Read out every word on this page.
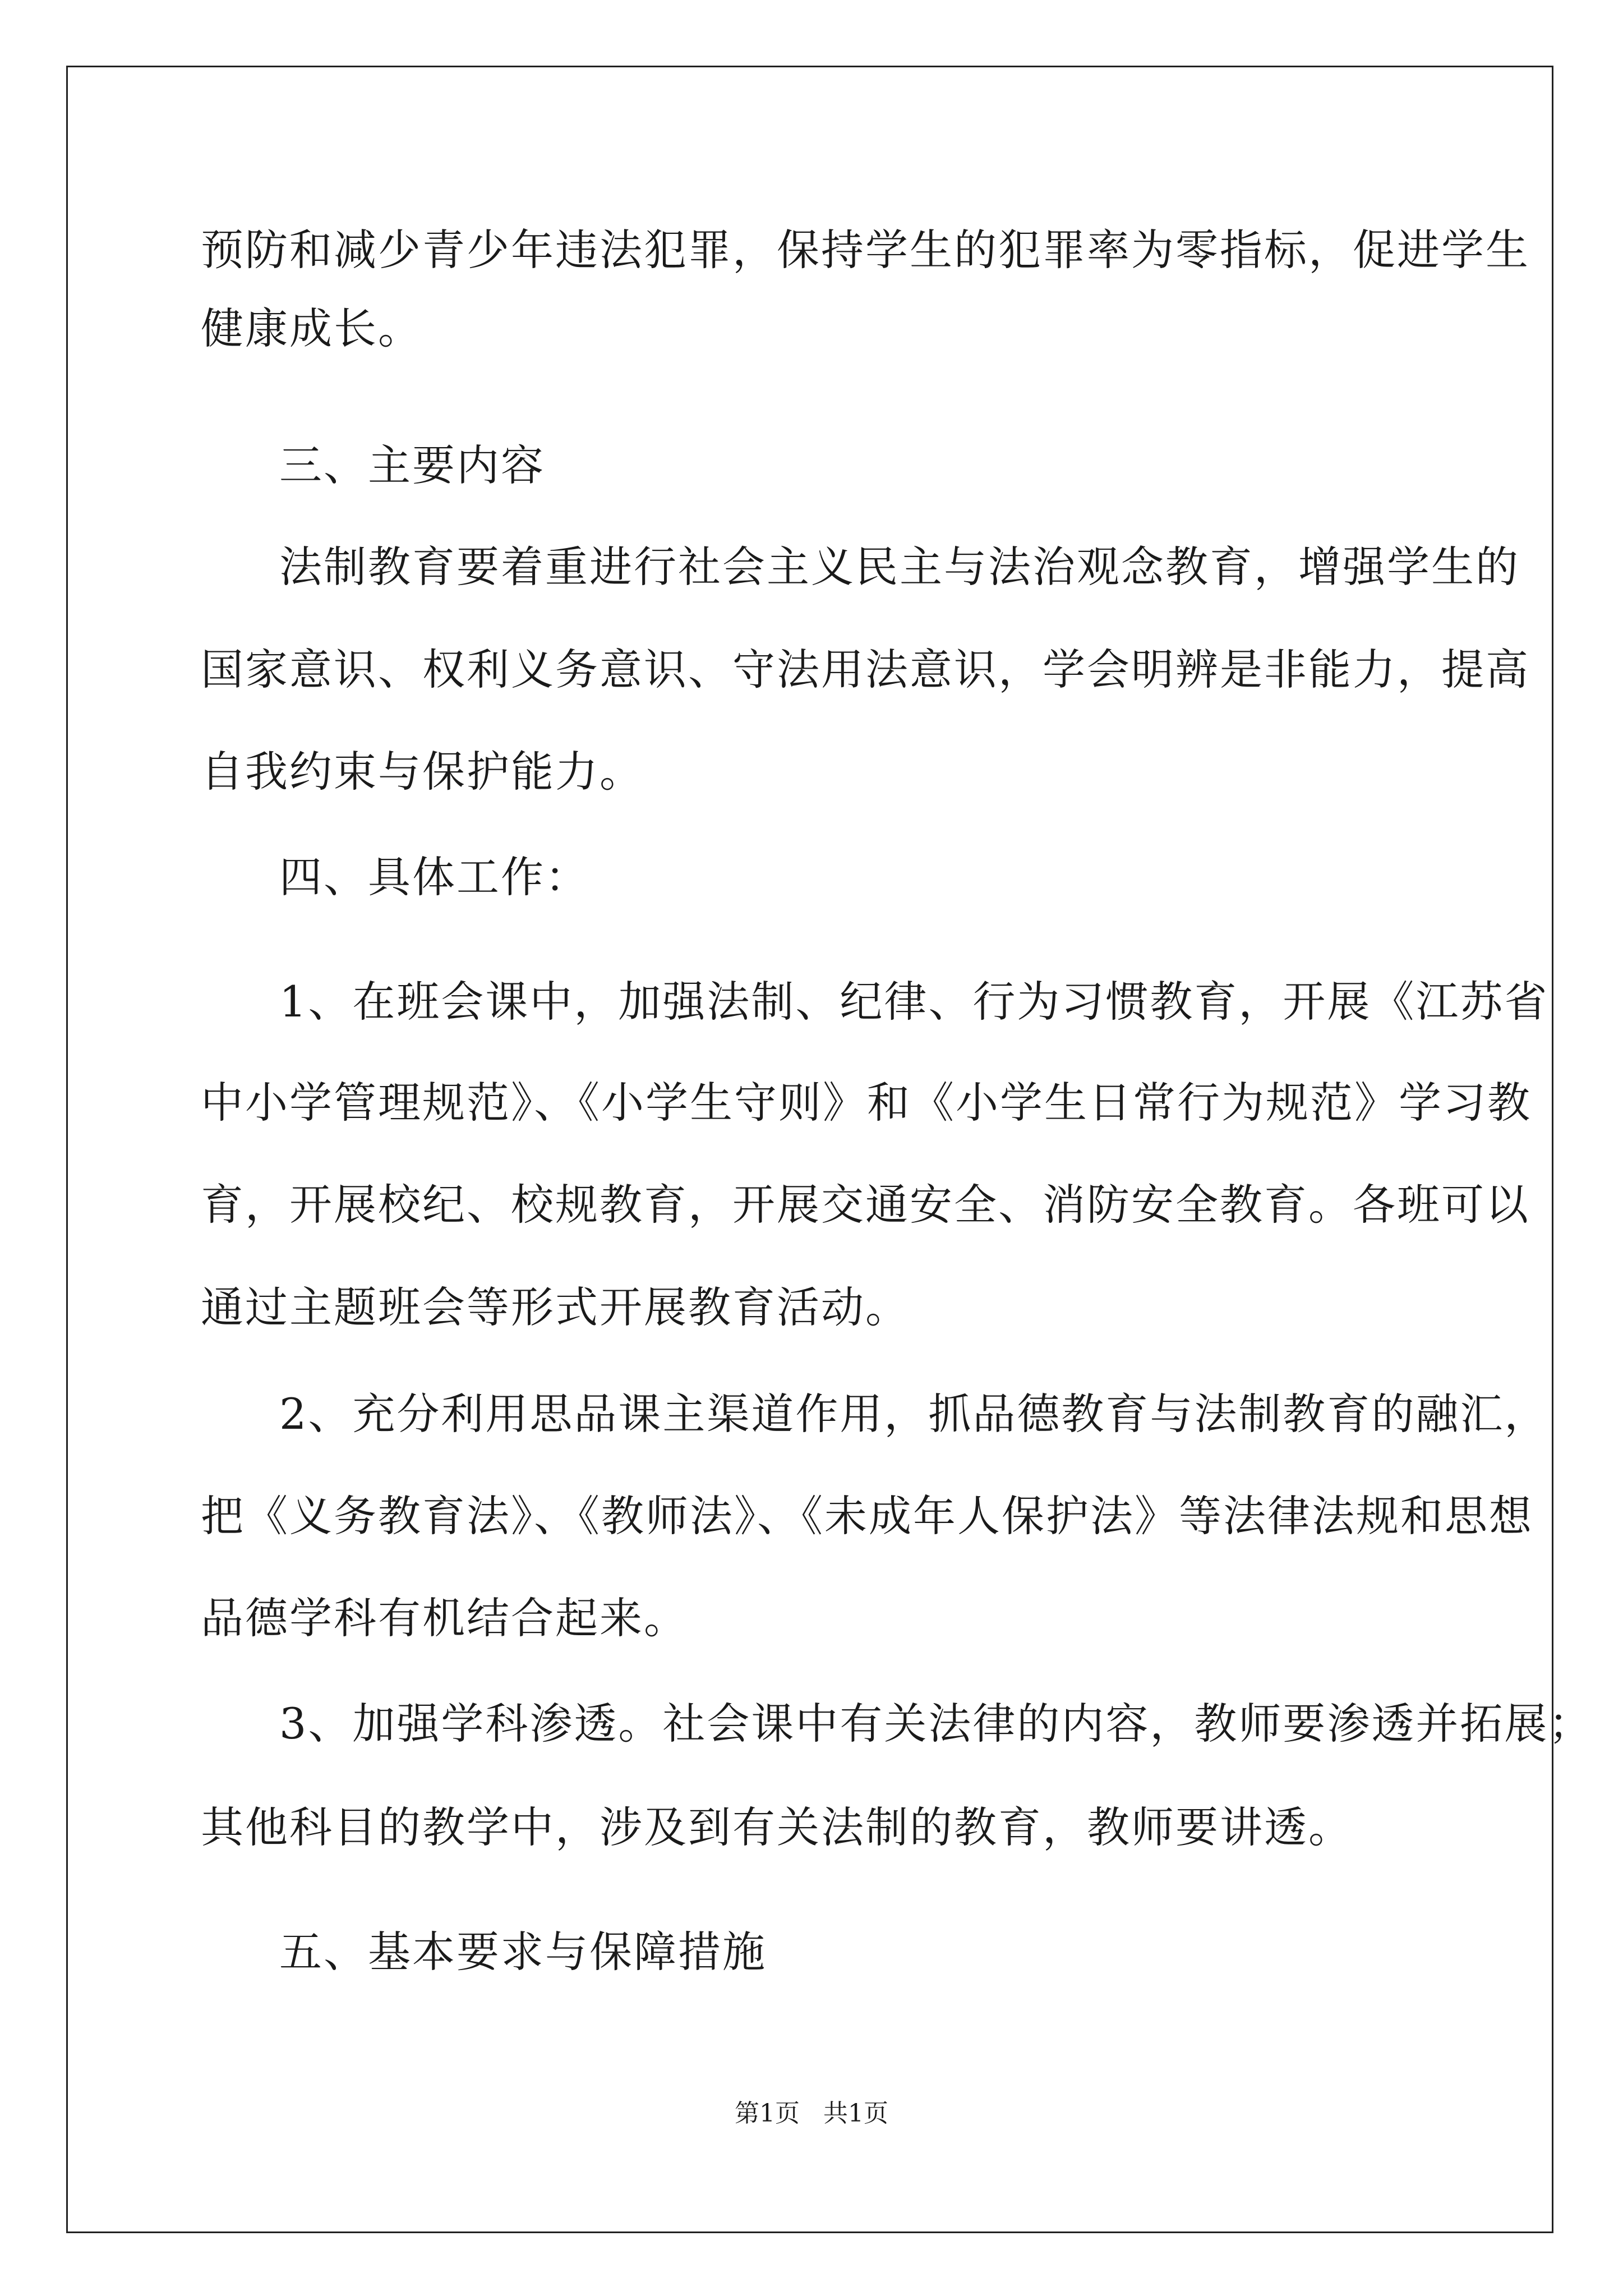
预防和减少青少年违法犯罪，保持学生的犯罪率为零指标，促进学生

健康成长。

三、主要内容

法制教育要着重进行社会主义民主与法治观念教育，增强学生的

国家意识、权利义务意识、守法用法意识，学会明辨是非能力，提高

自我约束与保护能力。

四、具体工作：

1、在班会课中，加强法制、纪律、行为习惯教育，开展《江苏省

中小学管理规范》、《小学生守则》和《小学生日常行为规范》学习教

育，开展校纪、校规教育，开展交通安全、消防安全教育。各班可以

通过主题班会等形式开展教育活动。

2、充分利用思品课主渠道作用，抓品德教育与法制教育的融汇，

把《义务教育法》、《教师法》、《未成年人保护法》等法律法规和思想

品德学科有机结合起来。

3、加强学科渗透。社会课中有关法律的内容，教师要渗透并拓展；

其他科目的教学中，涉及到有关法制的教育，教师要讲透。

五、基本要求与保障措施

第1页   共1页
